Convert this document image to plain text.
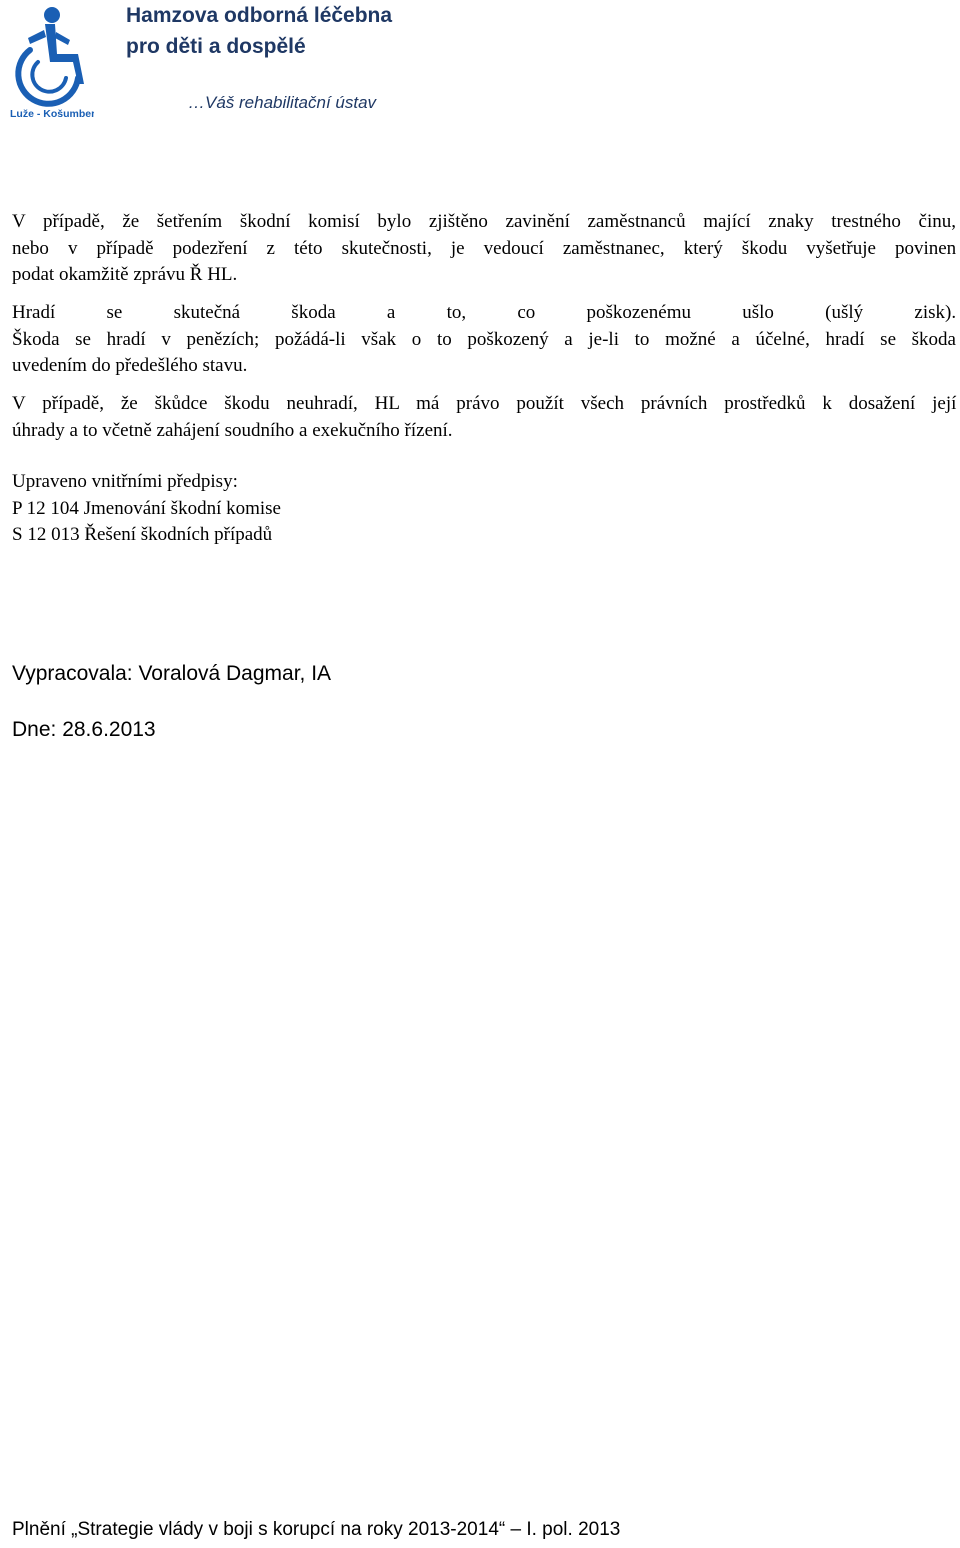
Luže - Košumberk
Hamzova odborná léčebna
pro děti a dospělé
…Váš rehabilitační ústav
V případě, že šetřením škodní komisí bylo zjištěno zavinění zaměstnanců mající znaky trestného činu,
nebo v případě podezření z této skutečnosti, je vedoucí zaměstnanec, který škodu vyšetřuje povinen
podat okamžitě zprávu Ř HL.
Hradí se skutečná škoda a to, co poškozenému ušlo (ušlý zisk).
Škoda se hradí v penězích; požádá-li však o to poškozený a je-li to možné a účelné, hradí se škoda
uvedením do předešlého stavu.
V případě, že škůdce škodu neuhradí, HL má právo použít všech právních prostředků k dosažení její
úhrady a to včetně zahájení soudního a exekučního řízení.
Upraveno vnitřními předpisy:
P 12 104 Jmenování škodní komise
S 12 013 Řešení škodních případů
Vypracovala: Voralová Dagmar, IA
Dne: 28.6.2013
Plnění „Strategie vlády v boji s korupcí na roky 2013-2014“ – I. pol. 2013
